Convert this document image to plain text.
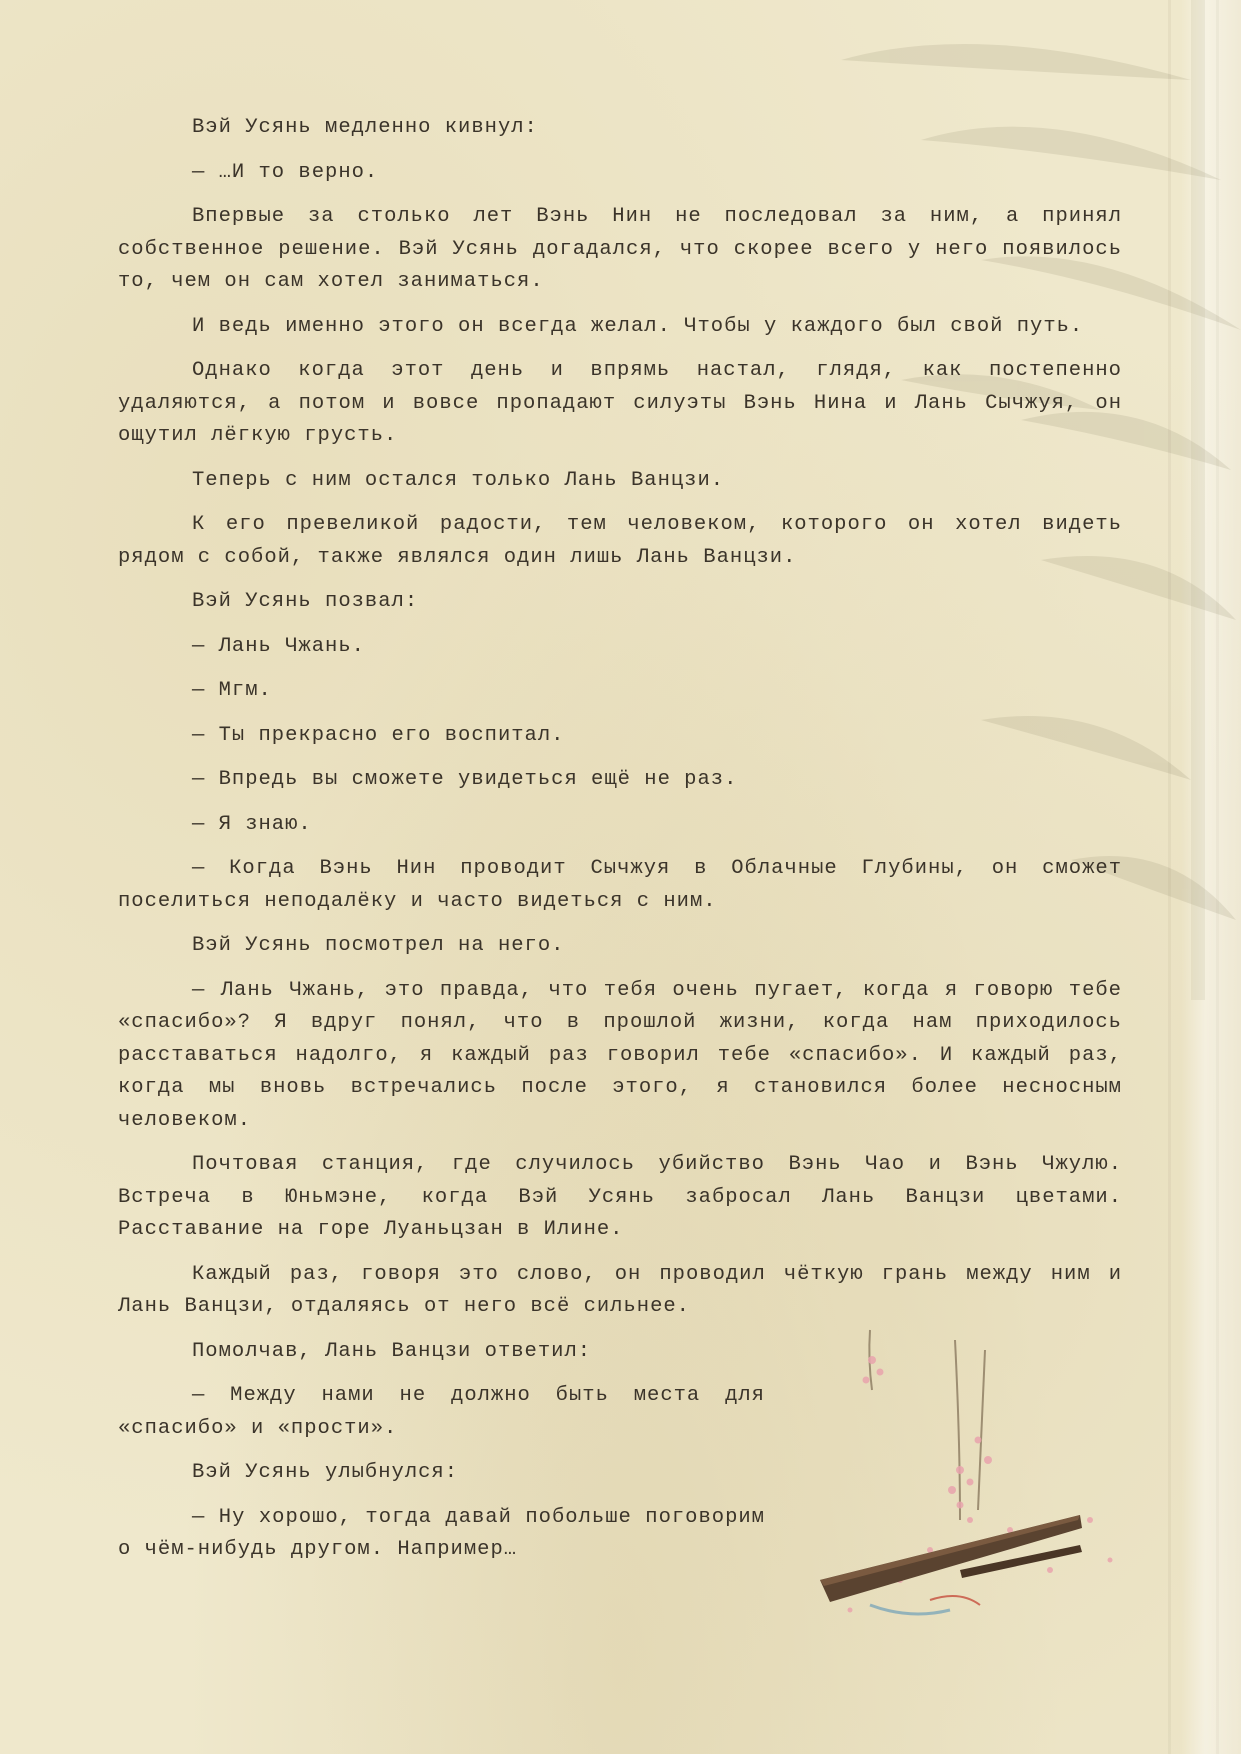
Вэй Усянь медленно кивнул:

— …И то верно.

Впервые за столько лет Вэнь Нин не последовал за ним, а принял собственное решение. Вэй Усянь догадался, что скорее всего у него появилось то, чем он сам хотел заниматься.

И ведь именно этого он всегда желал. Чтобы у каждого был свой путь.

Однако когда этот день и впрямь настал, глядя, как постепенно удаляются, а потом и вовсе пропадают силуэты Вэнь Нина и Лань Сычжуя, он ощутил лёгкую грусть.

Теперь с ним остался только Лань Ванцзи.

К его превеликой радости, тем человеком, которого он хотел видеть рядом с собой, также являлся один лишь Лань Ванцзи.

Вэй Усянь позвал:

— Лань Чжань.

— Мгм.

— Ты прекрасно его воспитал.

— Впредь вы сможете увидеться ещё не раз.

— Я знаю.

— Когда Вэнь Нин проводит Сычжуя в Облачные Глубины, он сможет поселиться неподалёку и часто видеться с ним.

Вэй Усянь посмотрел на него.

— Лань Чжань, это правда, что тебя очень пугает, когда я говорю тебе «спасибо»? Я вдруг понял, что в прошлой жизни, когда нам приходилось расставаться надолго, я каждый раз говорил тебе «спасибо». И каждый раз, когда мы вновь встречались после этого, я становился более несносным человеком.

Почтовая станция, где случилось убийство Вэнь Чао и Вэнь Чжулю. Встреча в Юньмэне, когда Вэй Усянь забросал Лань Ванцзи цветами. Расставание на горе Луаньцзан в Илине.

Каждый раз, говоря это слово, он проводил чёткую грань между ним и Лань Ванцзи, отдаляясь от него всё сильнее.

Помолчав, Лань Ванцзи ответил:

— Между нами не должно быть места для «спасибо» и «прости».

Вэй Усянь улыбнулся:

— Ну хорошо, тогда давай побольше поговорим о чём-нибудь другом. Например…
